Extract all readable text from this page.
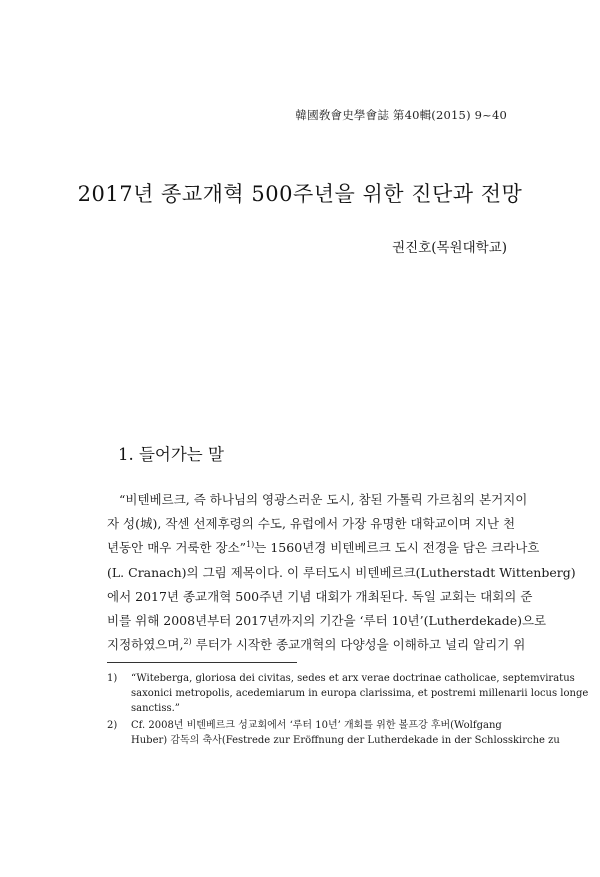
韓國敎會史學會誌 第40輯(2015) 9~40
2017년 종교개혁 500주년을 위한 진단과 전망
권진호(목원대학교)
1. 들어가는 말
“비텐베르크, 즉 하나님의 영광스러운 도시, 참된 가톨릭 가르침의 본거지이
자 성(城), 작센 선제후령의 수도, 유럽에서 가장 유명한 대학교이며 지난 천
년동안 매우 거룩한 장소”$^{1)}$는 1560년경 비텐베르크 도시 전경을 담은 크라나흐
(L. Cranach)의 그림 제목이다. 이 루터도시 비텐베르크(Lutherstadt Wittenberg)
에서 2017년 종교개혁 500주년 기념 대회가 개최된다. 독일 교회는 대회의 준
비를 위해 2008년부터 2017년까지의 기간을 ‘루터 10년’(Lutherdekade)으로
지정하였으며,$^{2)}$ 루터가 시작한 종교개혁의 다양성을 이해하고 널리 알리기 위
1) “Witeberga, gloriosa dei civitas, sedes et arx verae doctrinae catholicae, septemviratus
saxonici metropolis, acedemiarum in europa clarissima, et postremi millenarii locus longe
sanctiss.”
2) Cf. 2008년 비텐베르크 성교회에서 ‘루터 10년’ 개회를 위한 볼프강 후버(Wolfgang
Huber) 감독의 축사(Festrede zur Eröffnung der Lutherdekade in der Schlosskirche zu
